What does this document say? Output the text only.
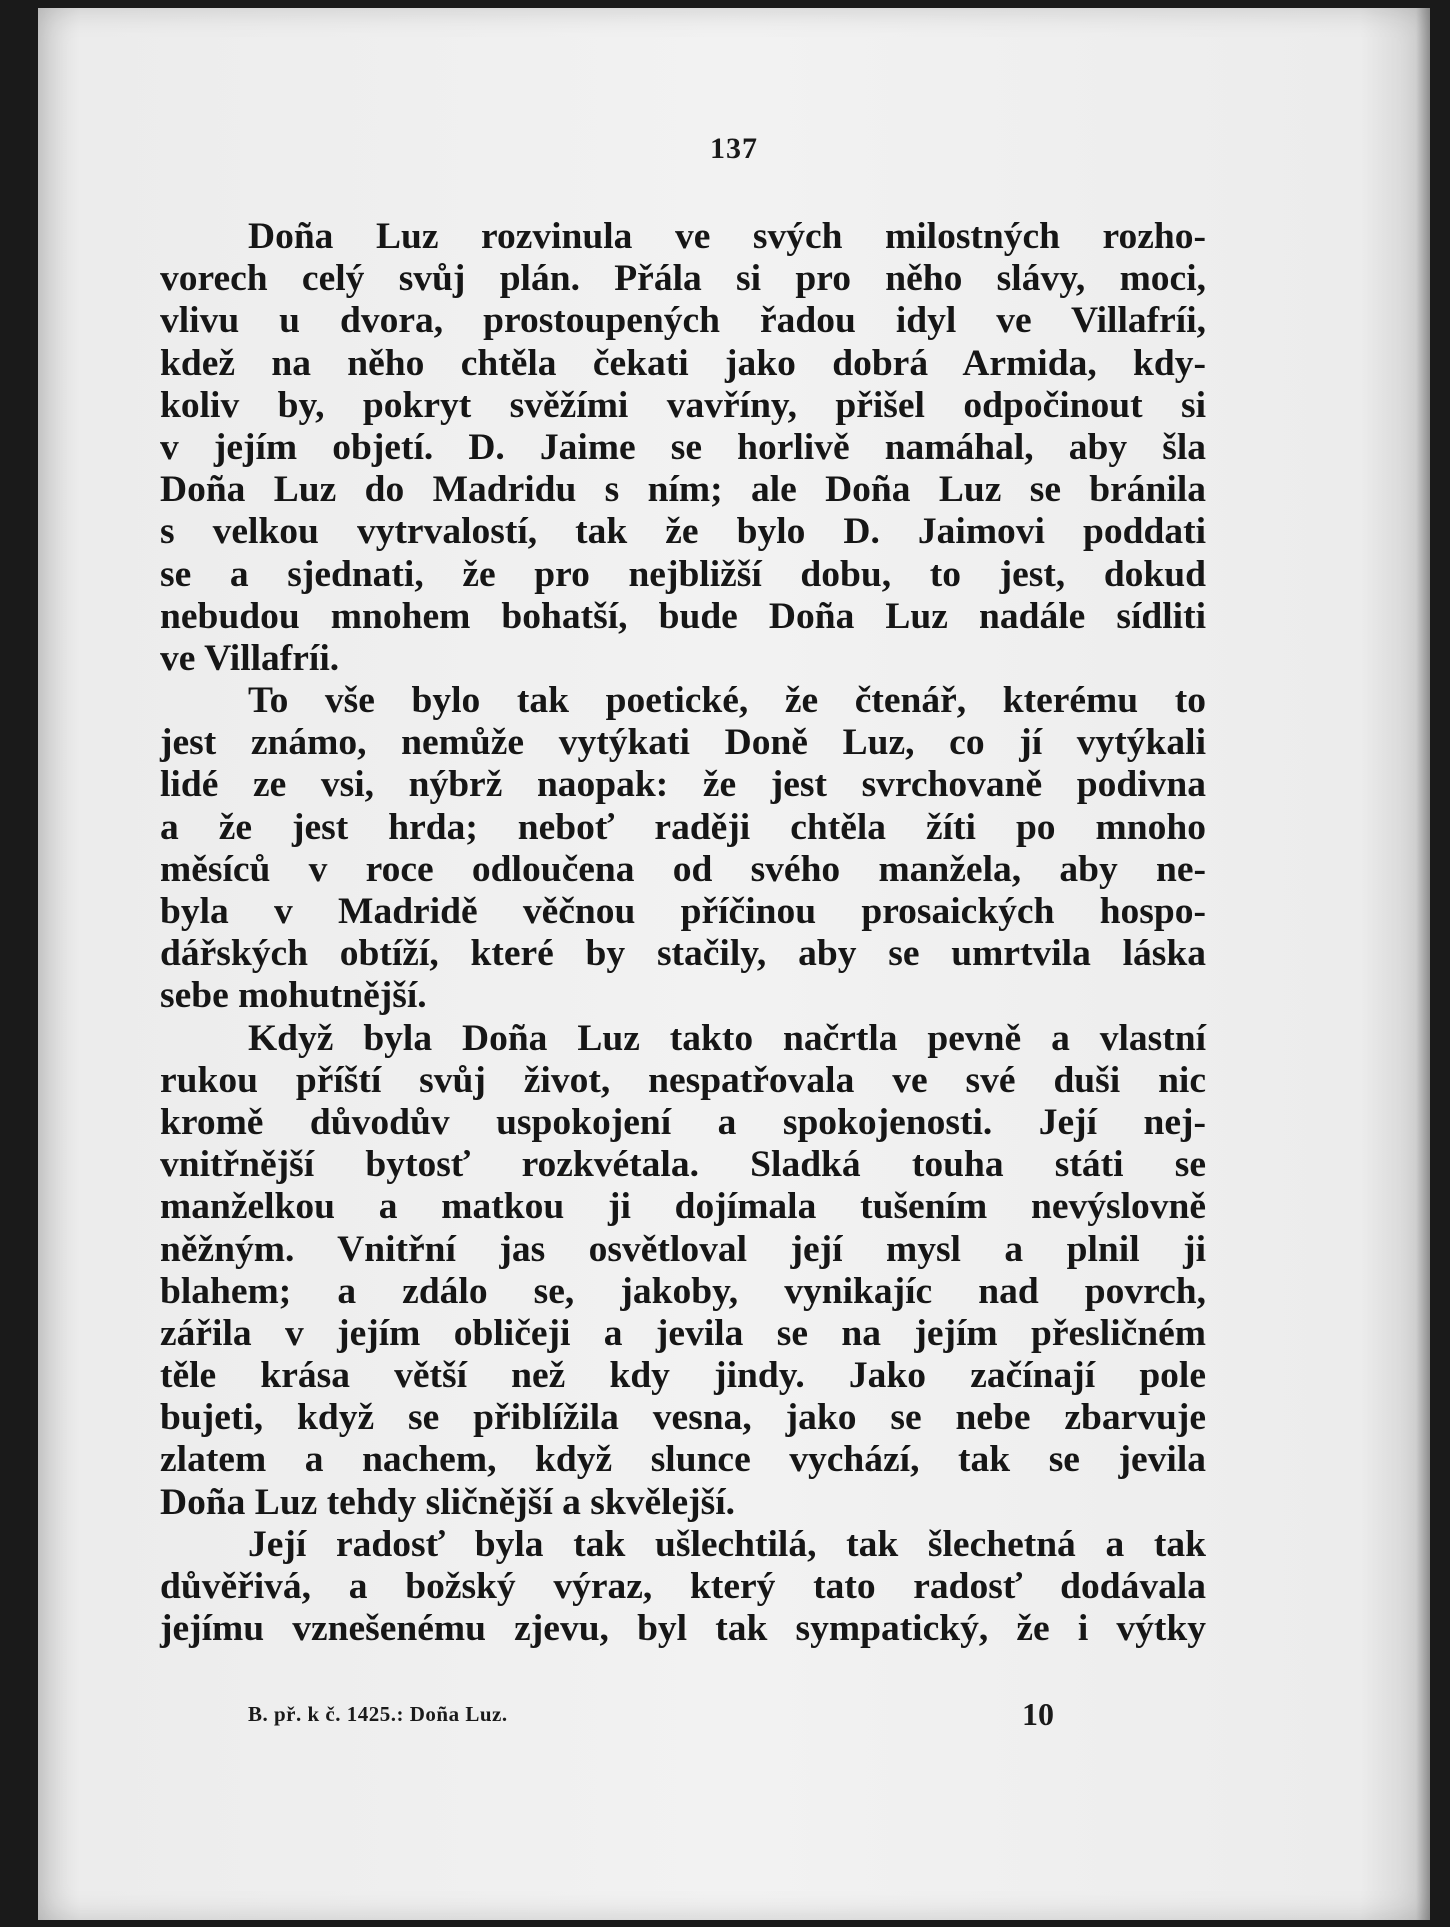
137
Doña Luz rozvinula ve svých milostných rozho-
vorech celý svůj plán. Přála si pro něho slávy, moci,
vlivu u dvora, prostoupených řadou idyl ve Villafríi,
kdež na něho chtěla čekati jako dobrá Armida, kdy-
koliv by, pokryt svěžími vavříny, přišel odpočinout si
v jejím objetí. D. Jaime se horlivě namáhal, aby šla
Doña Luz do Madridu s ním; ale Doña Luz se bránila
s velkou vytrvalostí, tak že bylo D. Jaimovi poddati
se a sjednati, že pro nejbližší dobu, to jest, dokud
nebudou mnohem bohatší, bude Doña Luz nadále sídliti
ve Villafríi.
To vše bylo tak poetické, že čtenář, kterému to
jest známo, nemůže vytýkati Doně Luz, co jí vytýkali
lidé ze vsi, nýbrž naopak: že jest svrchovaně podivna
a že jest hrda; neboť raději chtěla žíti po mnoho
měsíců v roce odloučena od svého manžela, aby ne-
byla v Madridě věčnou příčinou prosaických hospo-
dářských obtíží, které by stačily, aby se umrtvila láska
sebe mohutnější.
Když byla Doña Luz takto načrtla pevně a vlastní
rukou příští svůj život, nespatřovala ve své duši nic
kromě důvodův uspokojení a spokojenosti. Její nej-
vnitřnější bytosť rozkvétala. Sladká touha státi se
manželkou a matkou ji dojímala tušením nevýslovně
něžným. Vnitřní jas osvětloval její mysl a plnil ji
blahem; a zdálo se, jakoby, vynikajíc nad povrch,
zářila v jejím obličeji a jevila se na jejím přesličném
těle krása větší než kdy jindy. Jako začínají pole
bujeti, když se přiblížila vesna, jako se nebe zbarvuje
zlatem a nachem, když slunce vychází, tak se jevila
Doña Luz tehdy sličnější a skvělejší.
Její radosť byla tak ušlechtilá, tak šlechetná a tak
důvěřivá, a božský výraz, který tato radosť dodávala
jejímu vznešenému zjevu, byl tak sympatický, že i výtky
B. př. k č. 1425.: Doña Luz.	10
